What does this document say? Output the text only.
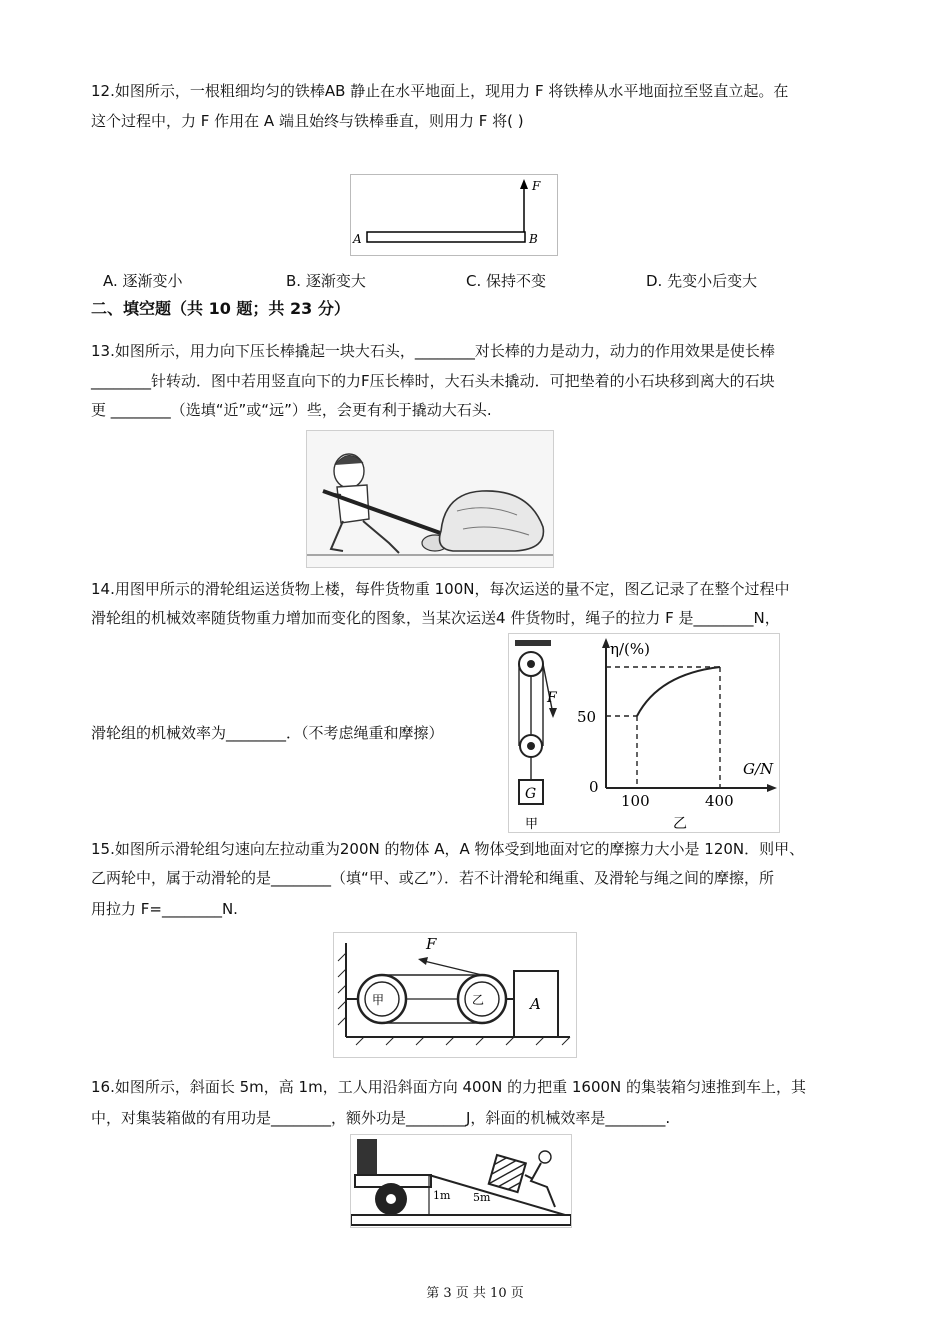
12.如图所示，一根粗细均匀的铁棒AB 静止在水平地面上，现用力 F 将铁棒从水平地面拉至竖直立起。在
这个过程中，力 F 作用在 A 端且始终与铁棒垂直，则用力 F 将( )
A	B
F
A. 逐渐变小	B. 逐渐变大	C. 保持不变	D. 先变小后变大
二、填空题（共 10 题；共 23 分）
13.如图所示，用力向下压长棒撬起一块大石头，________对长棒的力是动力，动力的作用效果是使长棒
________针转动．图中若用竖直向下的力F压长棒时，大石头未撬动．可把垫着的小石块移到离大的石块
更 ________（选填“近”或“远”）些，会更有利于撬动大石头.
14.用图甲所示的滑轮组运送货物上楼，每件货物重 100N，每次运送的量不定，图乙记录了在整个过程中
滑轮组的机械效率随货物重力增加而变化的图象，当某次运送4 件货物时，绳子的拉力 F 是________N，
滑轮组的机械效率为________．（不考虑绳重和摩擦）
F
G
甲
η/(%)
G/N
50
0
100	400
乙
15.如图所示滑轮组匀速向左拉动重为200N 的物体 A，A 物体受到地面对它的摩擦力大小是 120N．则甲、
乙两轮中，属于动滑轮的是________（填“甲、或乙”）．若不计滑轮和绳重、及滑轮与绳之间的摩擦，所
用拉力 F=________N.
甲	乙
F
A
16.如图所示，斜面长 5m，高 1m，工人用沿斜面方向 400N 的力把重 1600N 的集装箱匀速推到车上，其
中，对集装箱做的有用功是________，额外功是________J，斜面的机械效率是________.
1m 5m
第 3 页 共 10 页
